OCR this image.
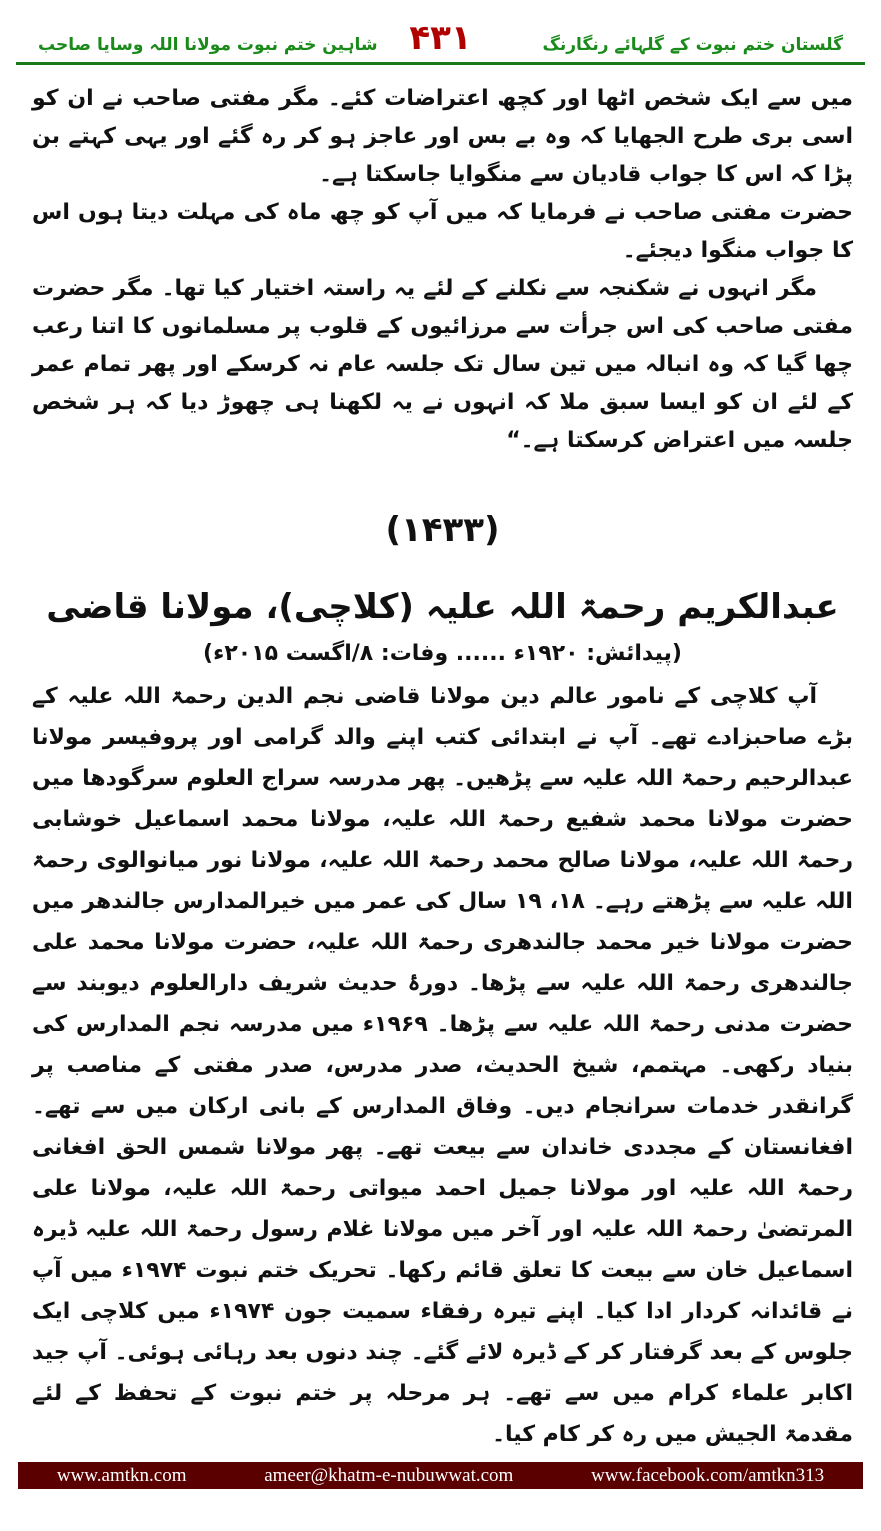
شاہین ختم نبوت مولانا اللہ وسایا صاحب ۴۳۱	گلستان ختم نبوت کے گلہائے رنگارنگ

میں سے ایک شخص اٹھا اور کچھ اعتراضات کئے۔ مگر مفتی صاحب نے ان کو اسی بری طرح الجھایا کہ وہ بے بس اور عاجز ہو کر رہ گئے اور یہی کہتے بن پڑا کہ اس کا جواب قادیان سے منگوایا جاسکتا ہے۔

حضرت مفتی صاحب نے فرمایا کہ میں آپ کو چھ ماہ کی مہلت دیتا ہوں اس کا جواب منگوا دیجئے۔

مگر انہوں نے شکنجہ سے نکلنے کے لئے یہ راستہ اختیار کیا تھا۔ مگر حضرت مفتی صاحب کی اس جرأت سے مرزائیوں کے قلوب پر مسلمانوں کا اتنا رعب چھا گیا کہ وہ انبالہ میں تین سال تک جلسہ عام نہ کرسکے اور پھر تمام عمر کے لئے ان کو ایسا سبق ملا کہ انہوں نے یہ لکھنا ہی چھوڑ دیا کہ ہر شخص جلسہ میں اعتراض کرسکتا ہے۔“

(۱۴۳۳)
عبدالکریم رحمۃ اللہ علیہ (کلاچی)، مولانا قاضی
(پیدائش: ۱۹۲۰ء ...... وفات: ۸/اگست ۲۰۱۵ء)

آپ کلاچی کے نامور عالم دین مولانا قاضی نجم الدین رحمۃ اللہ علیہ کے بڑے صاحبزادے تھے۔ آپ نے ابتدائی کتب اپنے والد گرامی اور پروفیسر مولانا عبدالرحیم رحمۃ اللہ علیہ سے پڑھیں۔ پھر مدرسہ سراج العلوم سرگودھا میں حضرت مولانا محمد شفیع رحمۃ اللہ علیہ، مولانا محمد اسماعیل خوشابی رحمۃ اللہ علیہ، مولانا صالح محمد رحمۃ اللہ علیہ، مولانا نور میانوالوی رحمۃ اللہ علیہ سے پڑھتے رہے۔ ۱۸، ۱۹ سال کی عمر میں خیرالمدارس جالندھر میں حضرت مولانا خیر محمد جالندھری رحمۃ اللہ علیہ، حضرت مولانا محمد علی جالندھری رحمۃ اللہ علیہ سے پڑھا۔ دورۂ حدیث شریف دارالعلوم دیوبند سے حضرت مدنی رحمۃ اللہ علیہ سے پڑھا۔ ۱۹۶۹ء میں مدرسہ نجم المدارس کی بنیاد رکھی۔ مہتمم، شیخ الحدیث، صدر مدرس، صدر مفتی کے مناصب پر گرانقدر خدمات سرانجام دیں۔ وفاق المدارس کے بانی ارکان میں سے تھے۔ افغانستان کے مجددی خاندان سے بیعت تھے۔ پھر مولانا شمس الحق افغانی رحمۃ اللہ علیہ اور مولانا جمیل احمد میواتی رحمۃ اللہ علیہ، مولانا علی المرتضیٰ رحمۃ اللہ علیہ اور آخر میں مولانا غلام رسول رحمۃ اللہ علیہ ڈیرہ اسماعیل خان سے بیعت کا تعلق قائم رکھا۔ تحریک ختم نبوت ۱۹۷۴ء میں آپ نے قائدانہ کردار ادا کیا۔ اپنے تیرہ رفقاء سمیت جون ۱۹۷۴ء میں کلاچی ایک جلوس کے بعد گرفتار کر کے ڈیرہ لائے گئے۔ چند دنوں بعد رہائی ہوئی۔ آپ جید اکابر علماء کرام میں سے تھے۔ ہر مرحلہ پر ختم نبوت کے تحفظ کے لئے مقدمۃ الجیش میں رہ کر کام کیا۔

www.amtkn.com	ameer@khatm-e-nubuwwat.com	www.facebook.com/amtkn313
